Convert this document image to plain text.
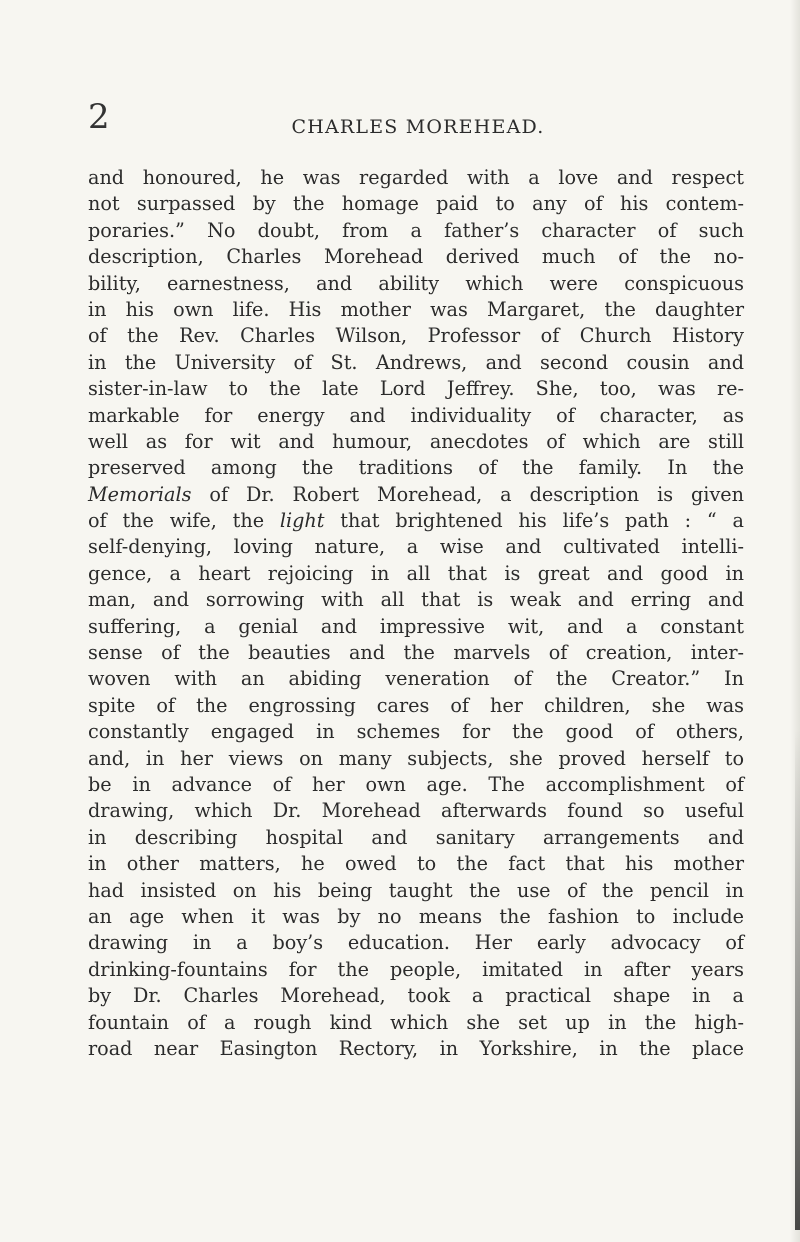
2	CHARLES MOREHEAD.
and honoured, he was regarded with a love and respect
not surpassed by the homage paid to any of his contem-
poraries.” No doubt, from a father’s character of such
description, Charles Morehead derived much of the no-
bility, earnestness, and ability which were conspicuous
in his own life. His mother was Margaret, the daughter
of the Rev. Charles Wilson, Professor of Church History
in the University of St. Andrews, and second cousin and
sister-in-law to the late Lord Jeffrey. She, too, was re-
markable for energy and individuality of character, as
well as for wit and humour, anecdotes of which are still
preserved among the traditions of the family. In the
Memorials of Dr. Robert Morehead, a description is given
of the wife, the light that brightened his life’s path : “ a
self-denying, loving nature, a wise and cultivated intelli-
gence, a heart rejoicing in all that is great and good in
man, and sorrowing with all that is weak and erring and
suffering, a genial and impressive wit, and a constant
sense of the beauties and the marvels of creation, inter-
woven with an abiding veneration of the Creator.” In
spite of the engrossing cares of her children, she was
constantly engaged in schemes for the good of others,
and, in her views on many subjects, she proved herself to
be in advance of her own age. The accomplishment of
drawing, which Dr. Morehead afterwards found so useful
in describing hospital and sanitary arrangements and
in other matters, he owed to the fact that his mother
had insisted on his being taught the use of the pencil in
an age when it was by no means the fashion to include
drawing in a boy’s education. Her early advocacy of
drinking-fountains for the people, imitated in after years
by Dr. Charles Morehead, took a practical shape in a
fountain of a rough kind which she set up in the high-
road near Easington Rectory, in Yorkshire, in the place
